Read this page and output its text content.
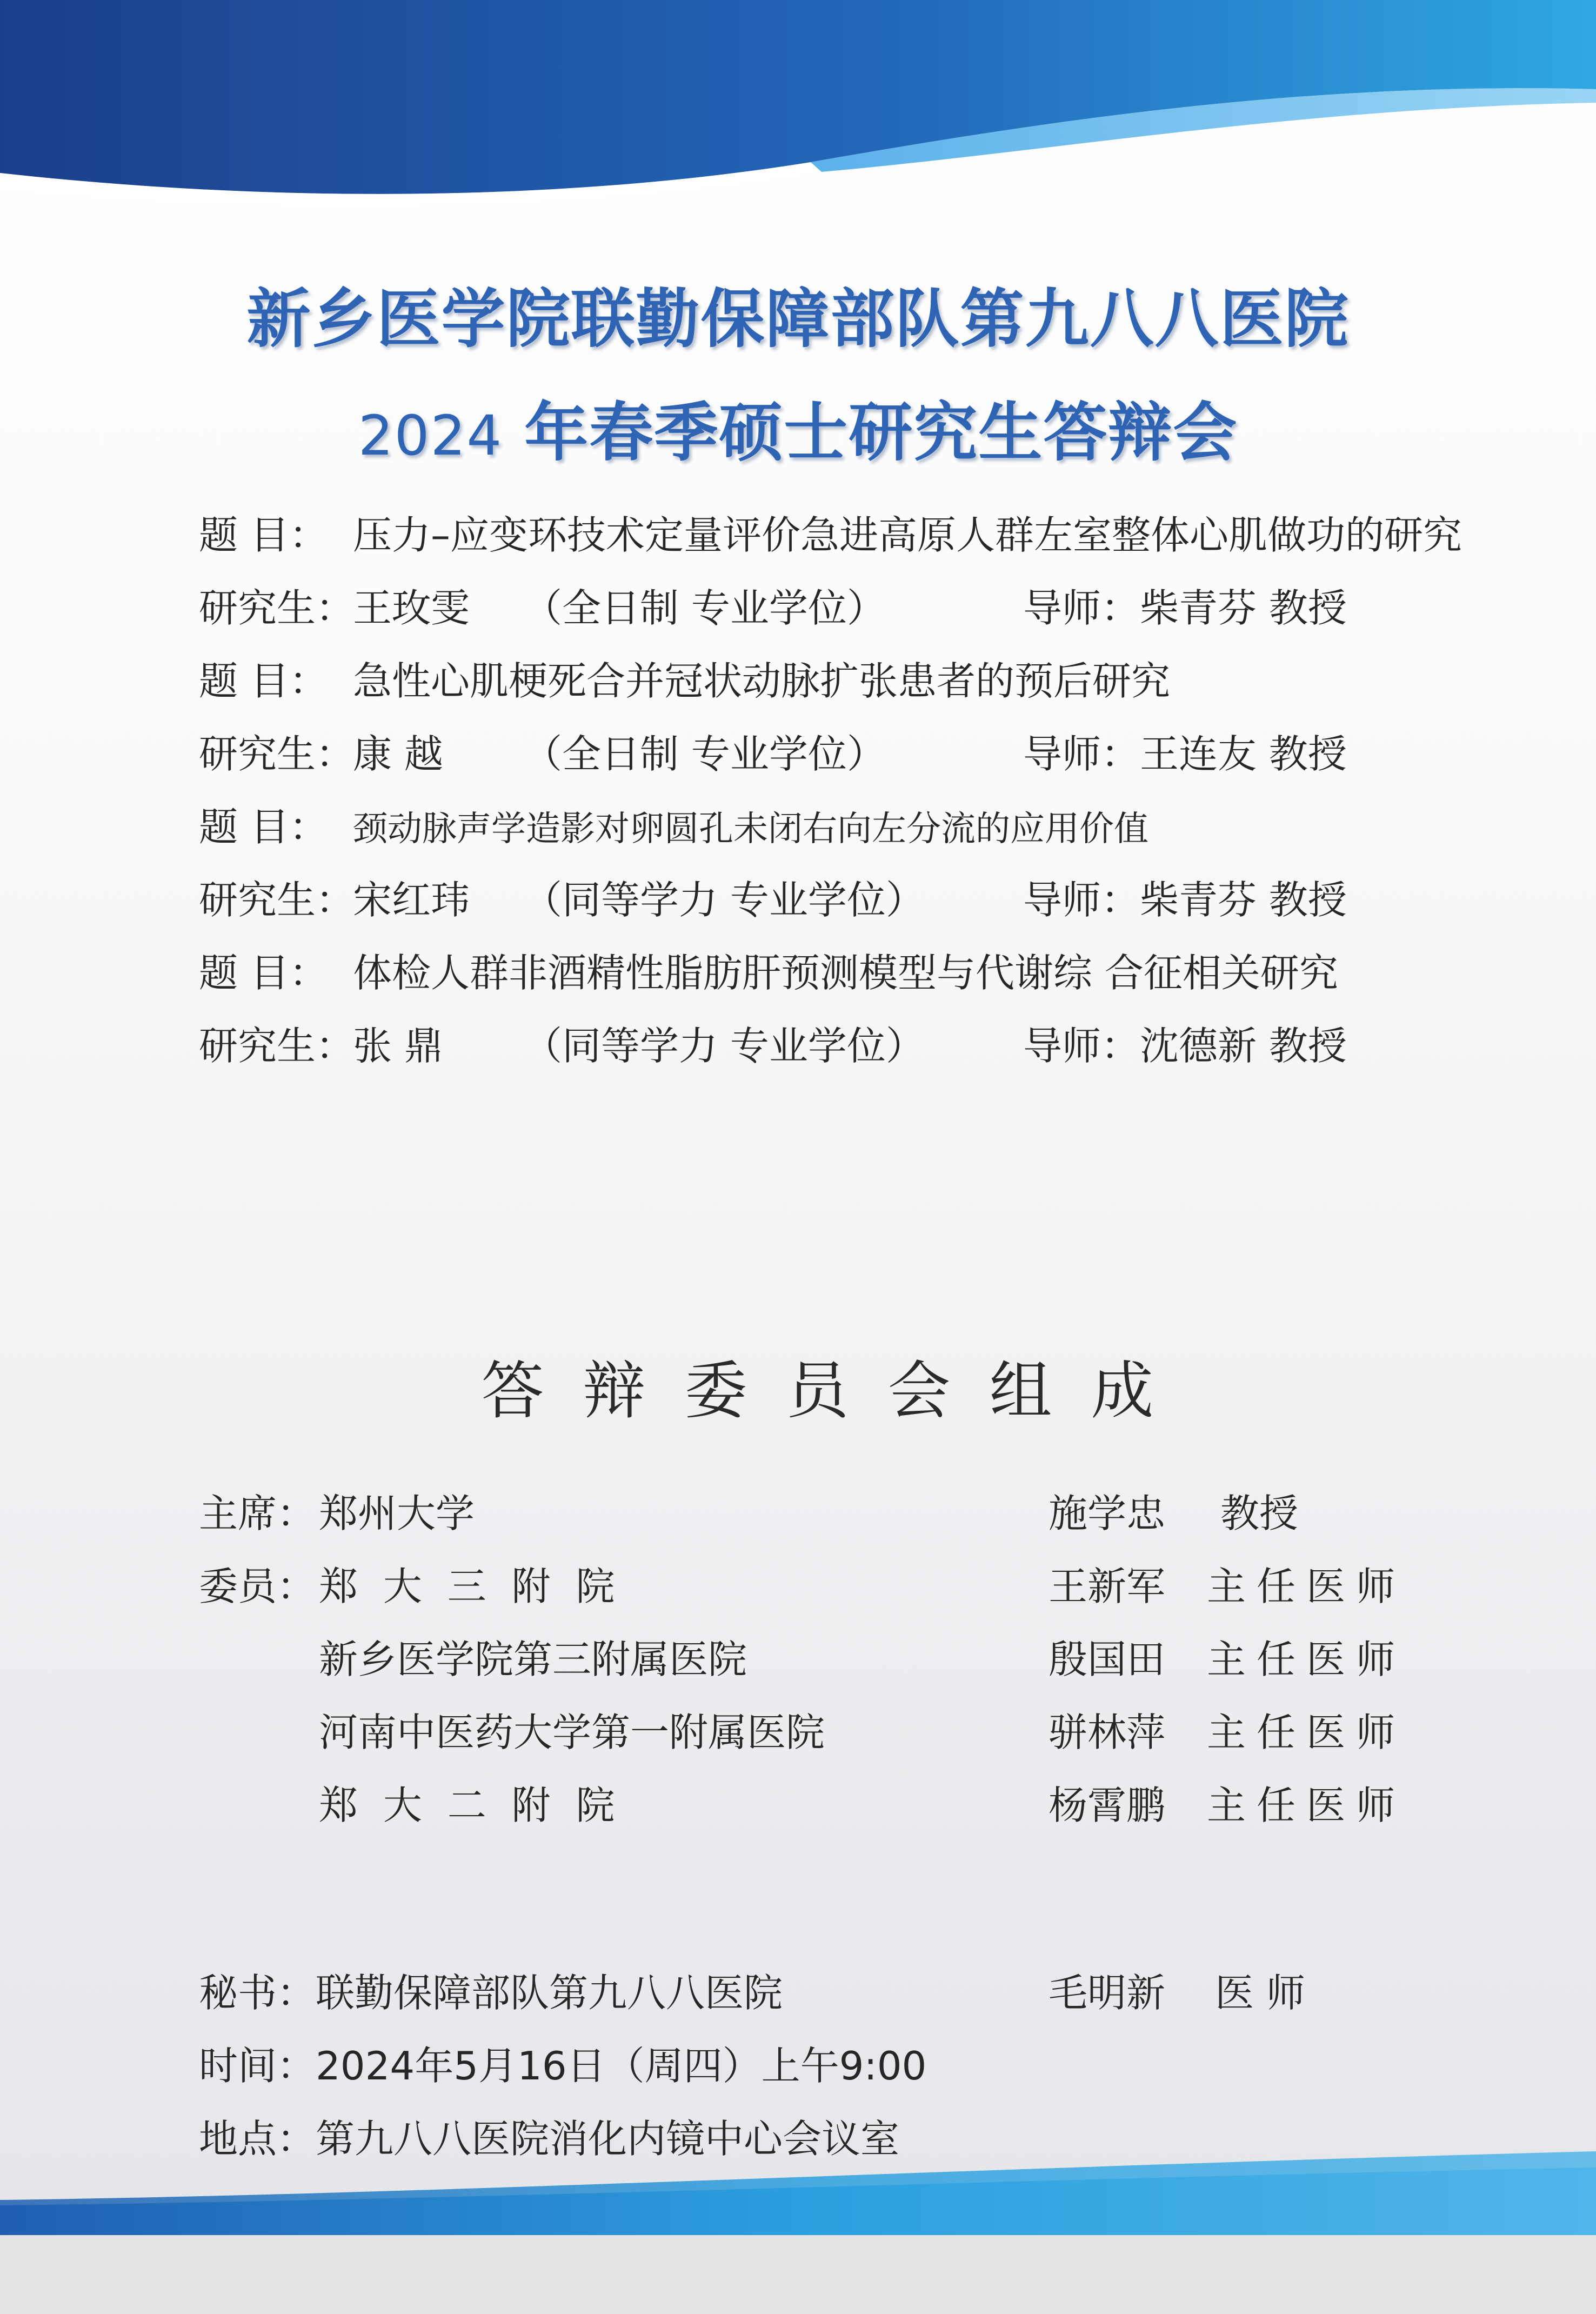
新乡医学院联勤保障部队第九八八医院
2024 年春季硕士研究生答辩会
题 目： 压力–应变环技术定量评价急进高原人群左室整体心肌做功的研究
研究生：
王玫雯 （全日制 专业学位）	导师：柴青芬 教授
题 目： 急性心肌梗死合并冠状动脉扩张患者的预后研究
研究生：
康 越 （全日制 专业学位）	导师：王连友 教授
题 目： 颈动脉声学造影对卵圆孔未闭右向左分流的应用价值
研究生：
宋红玮 （同等学力 专业学位）	导师：柴青芬 教授
题 目： 体检人群非酒精性脂肪肝预测模型与代谢综 合征相关研究
研究生：
张 鼎 （同等学力 专业学位）	导师：沈德新 教授
答辩委员会组成
主席： 郑州大学	施学忠 教授
委员： 郑 大 三 附 院	王新军 主任医师
新乡医学院第三附属医院	殷国田 主任医师
河南中医药大学第一附属医院	骈林萍 主任医师
郑 大 二 附 院	杨霄鹏 主任医师
秘书：联勤保障部队第九八八医院	毛明新 医 师
时间：2024年5月16日（周四）上午9:00
地点：第九八八医院消化内镜中心会议室
